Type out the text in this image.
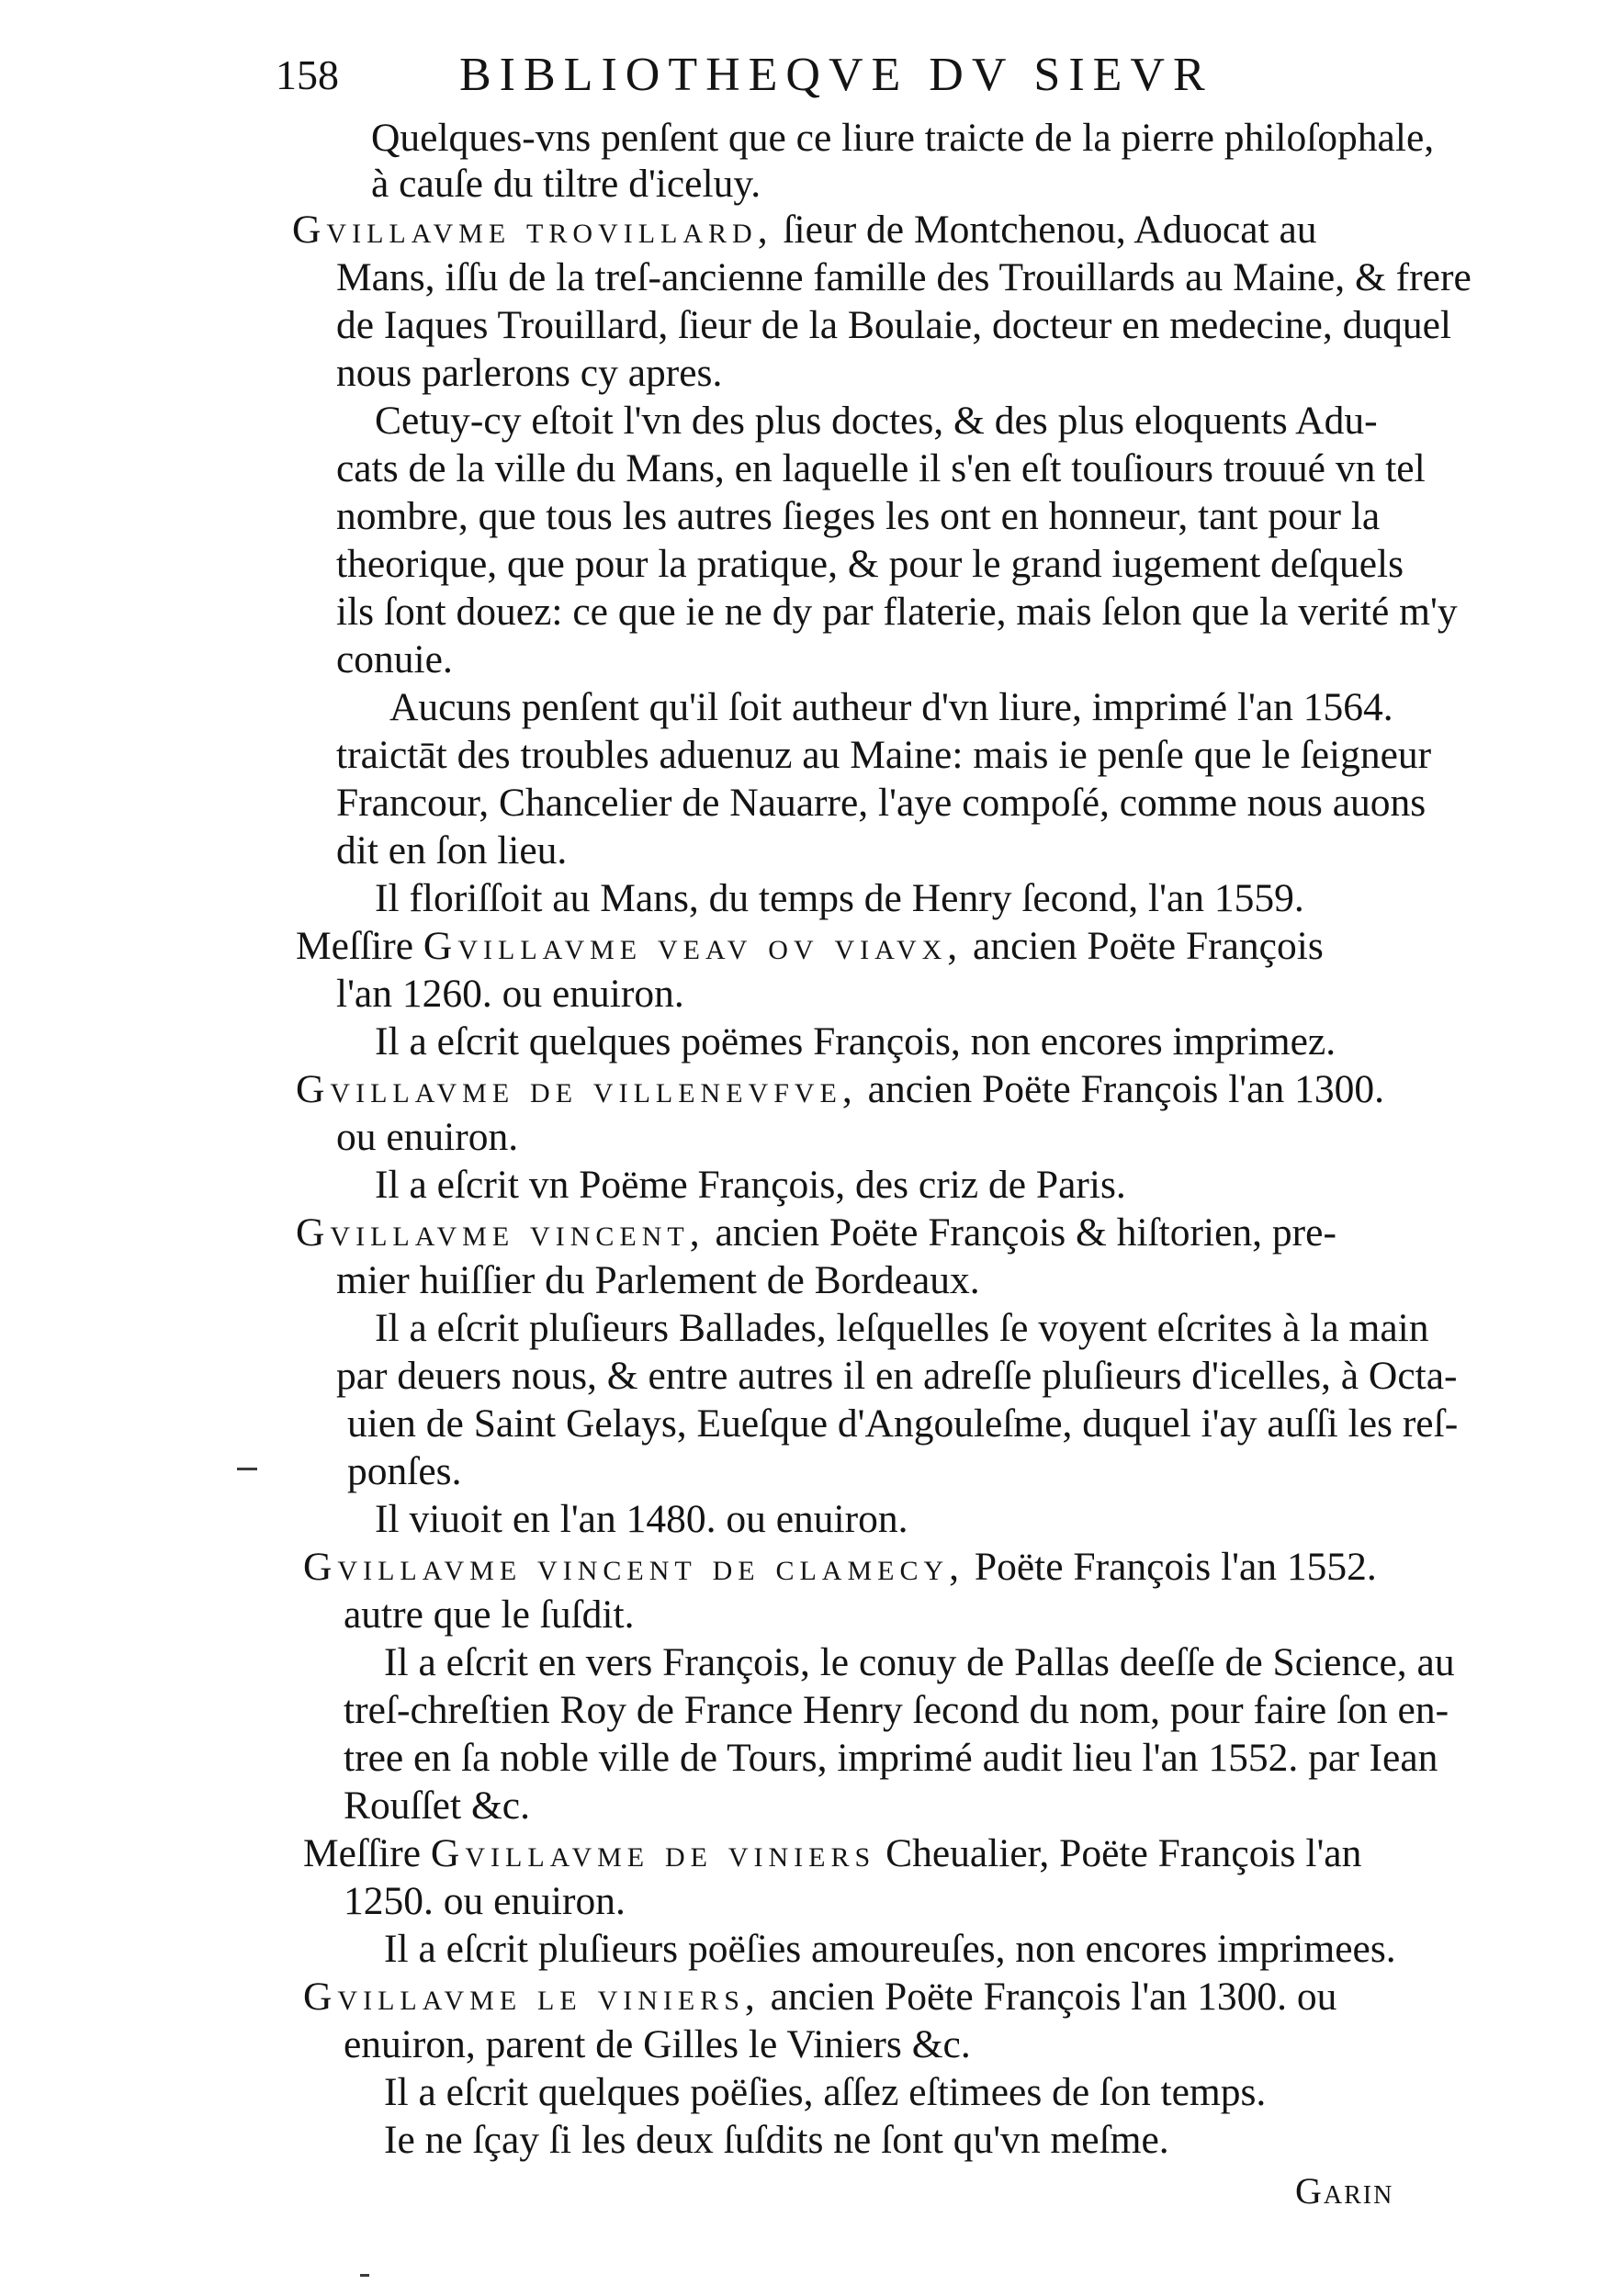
158	BIBLIOTHEQVE DV SIEVR
Quelques-vns penſent que ce liure traicte de la pierre philoſophale,
à cauſe du tiltre d'iceluy.
Gvillavme trovillard, ſieur de Montchenou, Aduocat au
Mans, iſſu de la treſ-ancienne famille des Trouillards au Maine, & frere
de Iaques Trouillard, ſieur de la Boulaie, docteur en medecine, duquel
nous parlerons cy apres.
Cetuy-cy eſtoit l'vn des plus doctes, & des plus eloquents Adu-
cats de la ville du Mans, en laquelle il s'en eſt touſiours trouué vn tel
nombre, que tous les autres ſieges les ont en honneur, tant pour la
theorique, que pour la pratique, & pour le grand iugement deſquels
ils ſont douez: ce que ie ne dy par flaterie, mais ſelon que la verité m'y
conuie.
Aucuns penſent qu'il ſoit autheur d'vn liure, imprimé l'an 1564.
traictāt des troubles aduenuz au Maine: mais ie penſe que le ſeigneur
Francour, Chancelier de Nauarre, l'aye compoſé, comme nous auons
dit en ſon lieu.
Il floriſſoit au Mans, du temps de Henry ſecond, l'an 1559.
Meſſire Gvillavme veav ov viavx, ancien Poëte François
l'an 1260. ou enuiron.
Il a eſcrit quelques poëmes François, non encores imprimez.
Gvillavme de villenevfve, ancien Poëte François l'an 1300.
ou enuiron.
Il a eſcrit vn Poëme François, des criz de Paris.
Gvillavme vincent, ancien Poëte François & hiſtorien, pre-
mier huiſſier du Parlement de Bordeaux.
Il a eſcrit pluſieurs Ballades, leſquelles ſe voyent eſcrites à la main
par deuers nous, & entre autres il en adreſſe pluſieurs d'icelles, à Octa-
uien de Saint Gelays, Eueſque d'Angouleſme, duquel i'ay auſſi les reſ-
ponſes.
Il viuoit en l'an 1480. ou enuiron.
Gvillavme vincent de clamecy, Poëte François l'an 1552.
autre que le ſuſdit.
Il a eſcrit en vers François, le conuy de Pallas deeſſe de Science, au
treſ-chreſtien Roy de France Henry ſecond du nom, pour faire ſon en-
tree en ſa noble ville de Tours, imprimé audit lieu l'an 1552. par Iean
Rouſſet &c.
Meſſire Gvillavme de viniers Cheualier, Poëte François l'an
1250. ou enuiron.
Il a eſcrit pluſieurs poëſies amoureuſes, non encores imprimees.
Gvillavme le viniers, ancien Poëte François l'an 1300. ou
enuiron, parent de Gilles le Viniers &c.
Il a eſcrit quelques poëſies, aſſez eſtimees de ſon temps.
Ie ne ſçay ſi les deux ſuſdits ne ſont qu'vn meſme.
Garin
